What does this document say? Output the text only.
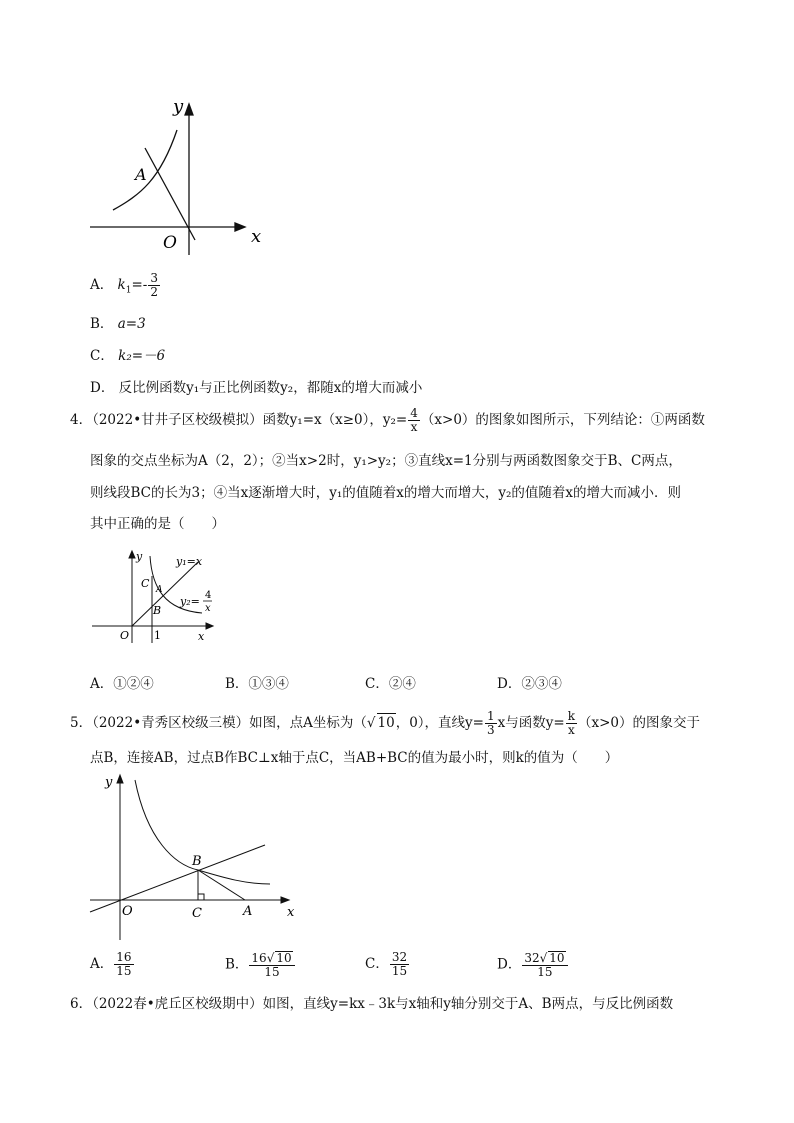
y
x
O
A
A． $k_1=- \frac{3}{2}$
B． a=3
C． k₂=－6
D． 反比例函数y₁与正比例函数y₂，都随x的增大而减小
4．（2022•甘井子区校级模拟）函数y₁=x（x≥0），$y_2= \frac{4}{x} (x>0)$的图象如图所示，下列结论：①两函数
图象的交点坐标为A（2，2）；②当x>2时，y₁>y₂；③直线x=1分别与两函数图象交于B、C两点，
则线段BC的长为3；④当x逐渐增大时，y₁的值随着x的增大而增大，y₂的值随着x的增大而减小．则
其中正确的是（　　）
y
x
O 1
C A
B
y₁=x
y₂= 4
x
A．①②④	B．①③④	C．②④	D．②③④
5．（2022•青秀区校级三模）如图，点A坐标为（√ 10，0），直线$y= \frac{1}{3}$ x与函数$y= \frac{k}{x} (x>0)$的图象交于
点B，连接AB，过点B作BC⊥x轴于点C，当AB+BC的值为最小时，则k的值为（　　）
y
x
O
B
C	A
A． $\frac{16}{15}$	B． $\frac{16√ 10}{15}$	C． $\frac{32}{15}$	D． $\frac{32√ 10}{15}$
6．（2022春•虎丘区校级期中）如图，直线y=kx﹣3k与x轴和y轴分别交于A、B两点，与反比例函数
